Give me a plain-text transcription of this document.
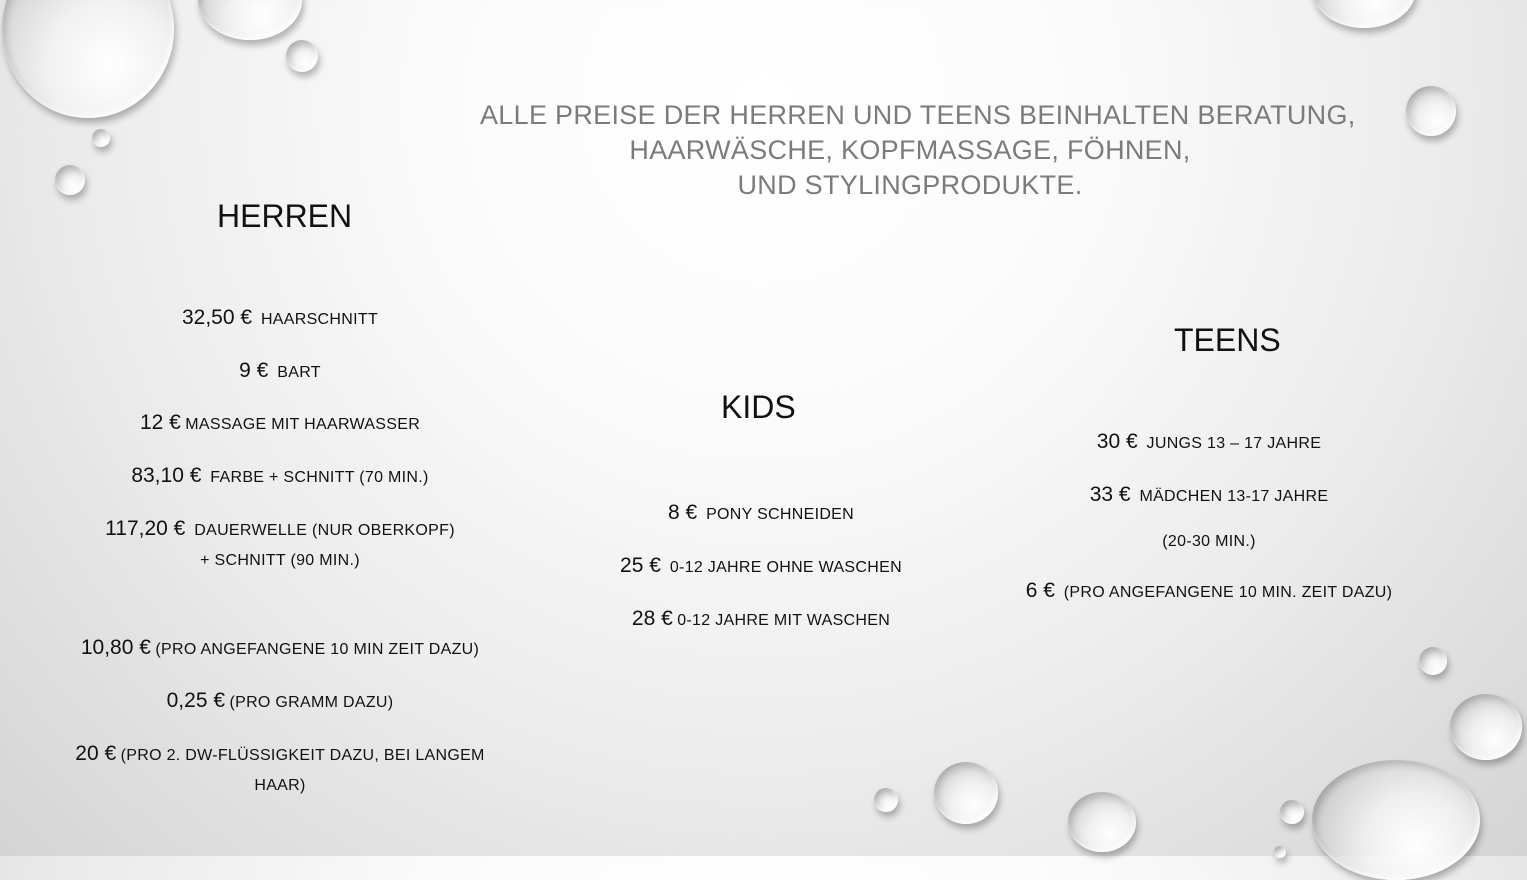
ALLE PREISE DER HERREN UND TEENS BEINHALTEN BERATUNG,
HAARWÄSCHE, KOPFMASSAGE, FÖHNEN,
UND STYLINGPRODUKTE.
HERREN
32,50 € HAARSCHNITT
9 € BART
12 € MASSAGE MIT HAARWASSER
83,10 € FARBE + SCHNITT (70 MIN.)
117,20 € DAUERWELLE (NUR OBERKOPF)
+ SCHNITT (90 MIN.)
10,80 € (PRO ANGEFANGENE 10 MIN ZEIT DAZU)
0,25 € (PRO GRAMM DAZU)
20 € (PRO 2. DW-FLÜSSIGKEIT DAZU, BEI LANGEM
HAAR)
KIDS
8 € PONY SCHNEIDEN
25 € 0-12 JAHRE OHNE WASCHEN
28 € 0-12 JAHRE MIT WASCHEN
TEENS
30 € JUNGS 13 – 17 JAHRE
33 € MÄDCHEN 13-17 JAHRE
(20-30 MIN.)
6 € (PRO ANGEFANGENE 10 MIN. ZEIT DAZU)
